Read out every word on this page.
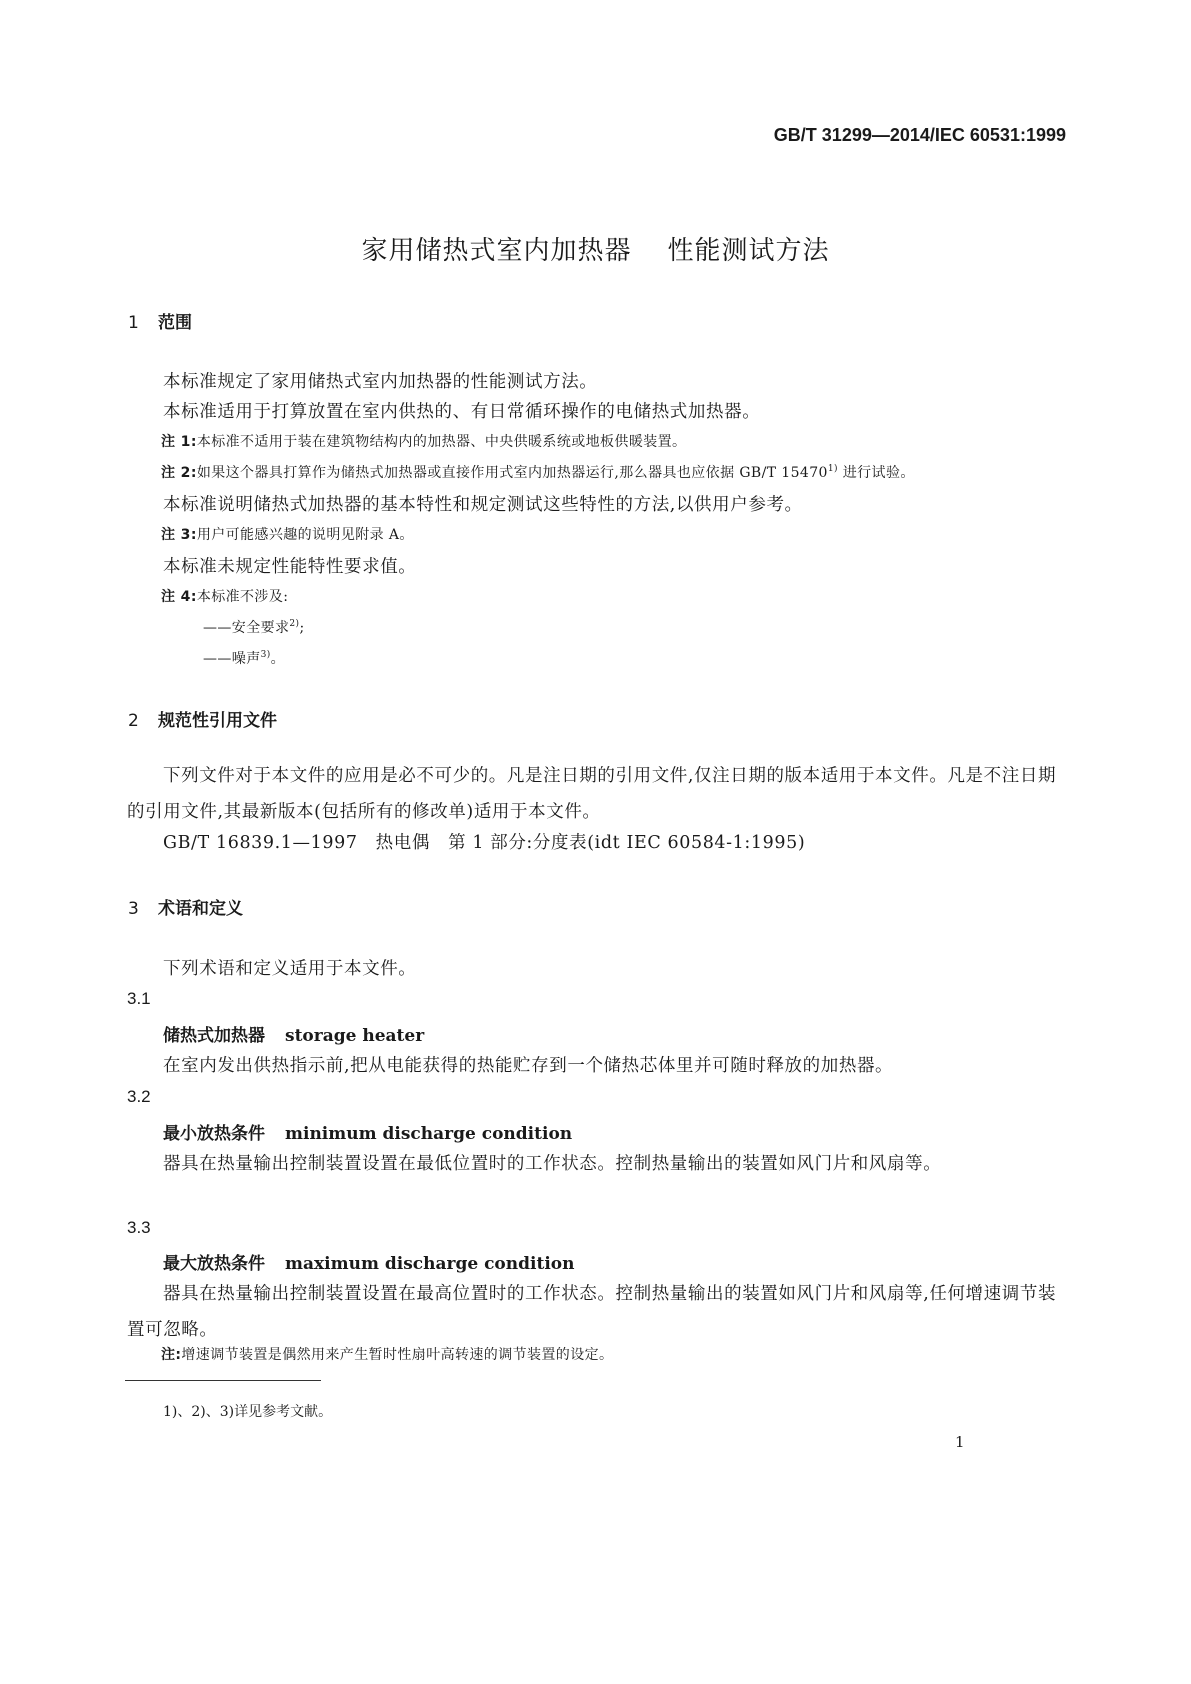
GB/T 31299—2014/IEC 60531:1999
家用储热式室内加热器 性能测试方法
1 范围
本标准规定了家用储热式室内加热器的性能测试方法。
本标准适用于打算放置在室内供热的、有日常循环操作的电储热式加热器。
注 1:本标准不适用于装在建筑物结构内的加热器、中央供暖系统或地板供暖装置。
注 2:如果这个器具打算作为储热式加热器或直接作用式室内加热器运行,那么器具也应依据 GB/T 15470$^{1)}$ 进行试验。
本标准说明储热式加热器的基本特性和规定测试这些特性的方法,以供用户参考。
注 3:用户可能感兴趣的说明见附录 A。
本标准未规定性能特性要求值。
注 4:本标准不涉及:
——安全要求$^{2)}$;
——噪声$^{3)}$。
2 规范性引用文件
下列文件对于本文件的应用是必不可少的。凡是注日期的引用文件,仅注日期的版本适用于本文件。凡是不注日期的引用文件,其最新版本(包括所有的修改单)适用于本文件。
GB/T 16839.1—1997　热电偶　第 1 部分:分度表(idt IEC 60584-1:1995)
3 术语和定义
下列术语和定义适用于本文件。
3.1
储热式加热器 storage heater
在室内发出供热指示前,把从电能获得的热能贮存到一个储热芯体里并可随时释放的加热器。
3.2
最小放热条件 minimum discharge condition
器具在热量输出控制装置设置在最低位置时的工作状态。控制热量输出的装置如风门片和风扇等。
3.3
最大放热条件 maximum discharge condition
器具在热量输出控制装置设置在最高位置时的工作状态。控制热量输出的装置如风门片和风扇等,任何增速调节装置可忽略。
注:增速调节装置是偶然用来产生暂时性扇叶高转速的调节装置的设定。
1)、2)、3)详见参考文献。
1
